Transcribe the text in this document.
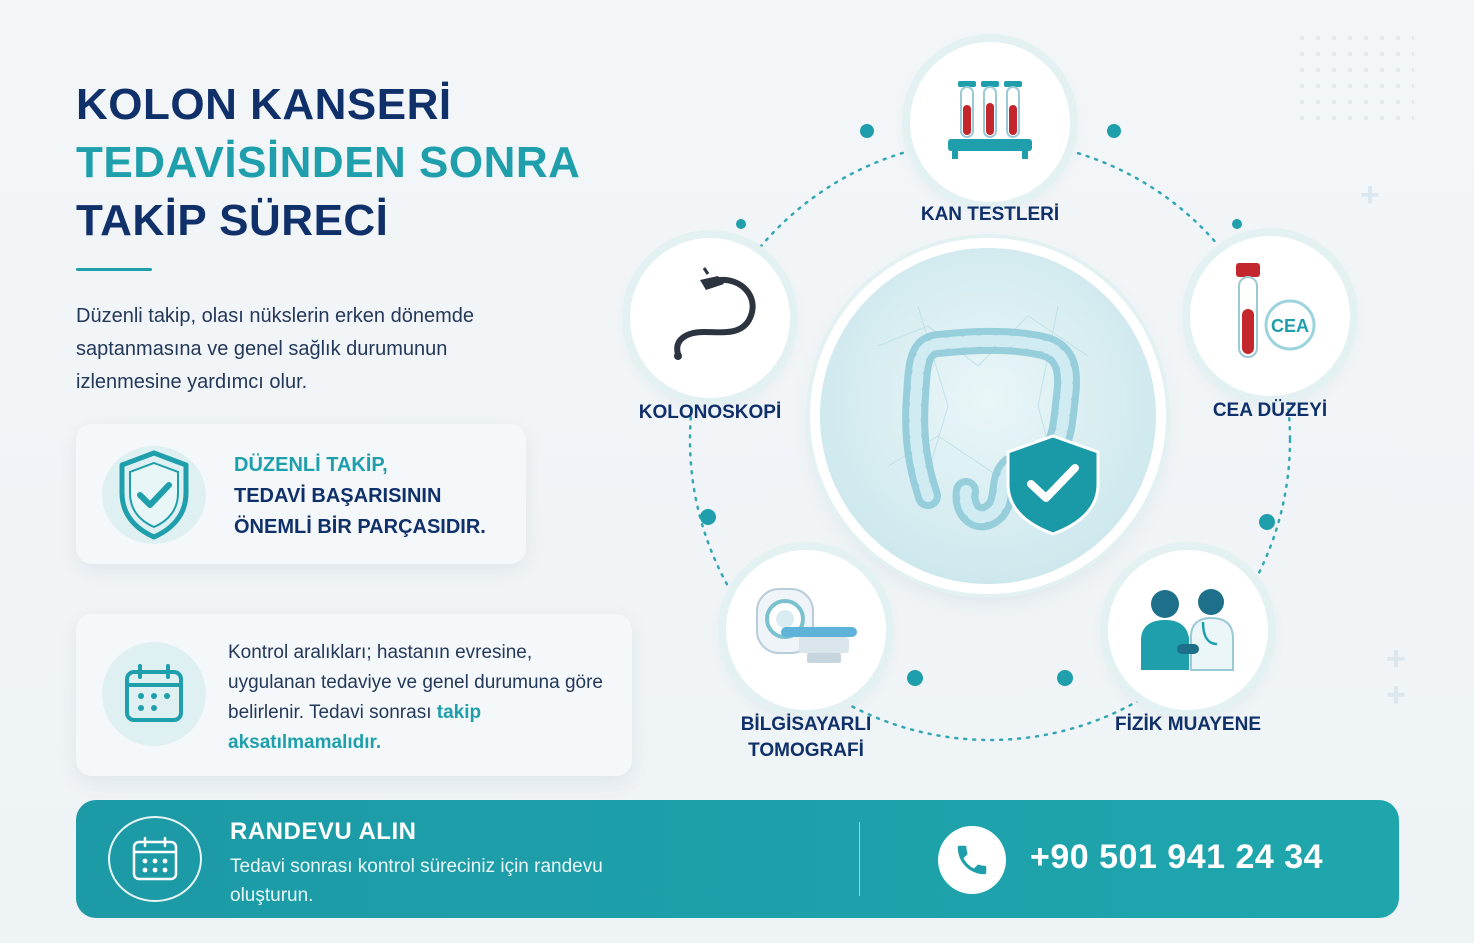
+
+
+
KOLON KANSERİ
TEDAVİSİNDEN SONRA
TAKİP SÜRECİ

Düzenli takip, olası nükslerin erken dönemde saptanmasına ve genel sağlık durumunun izlenmesine yardımcı olur.

DÜZENLİ TAKİP,
TEDAVİ BAŞARISININ
ÖNEMLİ BİR PARÇASIDIR.

Kontrol aralıkları; hastanın evresine, uygulanan tedaviye ve genel durumuna göre belirlenir. Tedavi sonrası takip aksatılmamalıdır.

KAN TESTLERİ
CEA
CEA DÜZEYİ
FİZİK MUAYENE
BİLGİSAYARLI
TOMOGRAFİ
KOLONOSKOPİ
RANDEVU ALIN
Tedavi sonrası kontrol süreciniz için randevu oluşturun.
+90 501 941 24 34
